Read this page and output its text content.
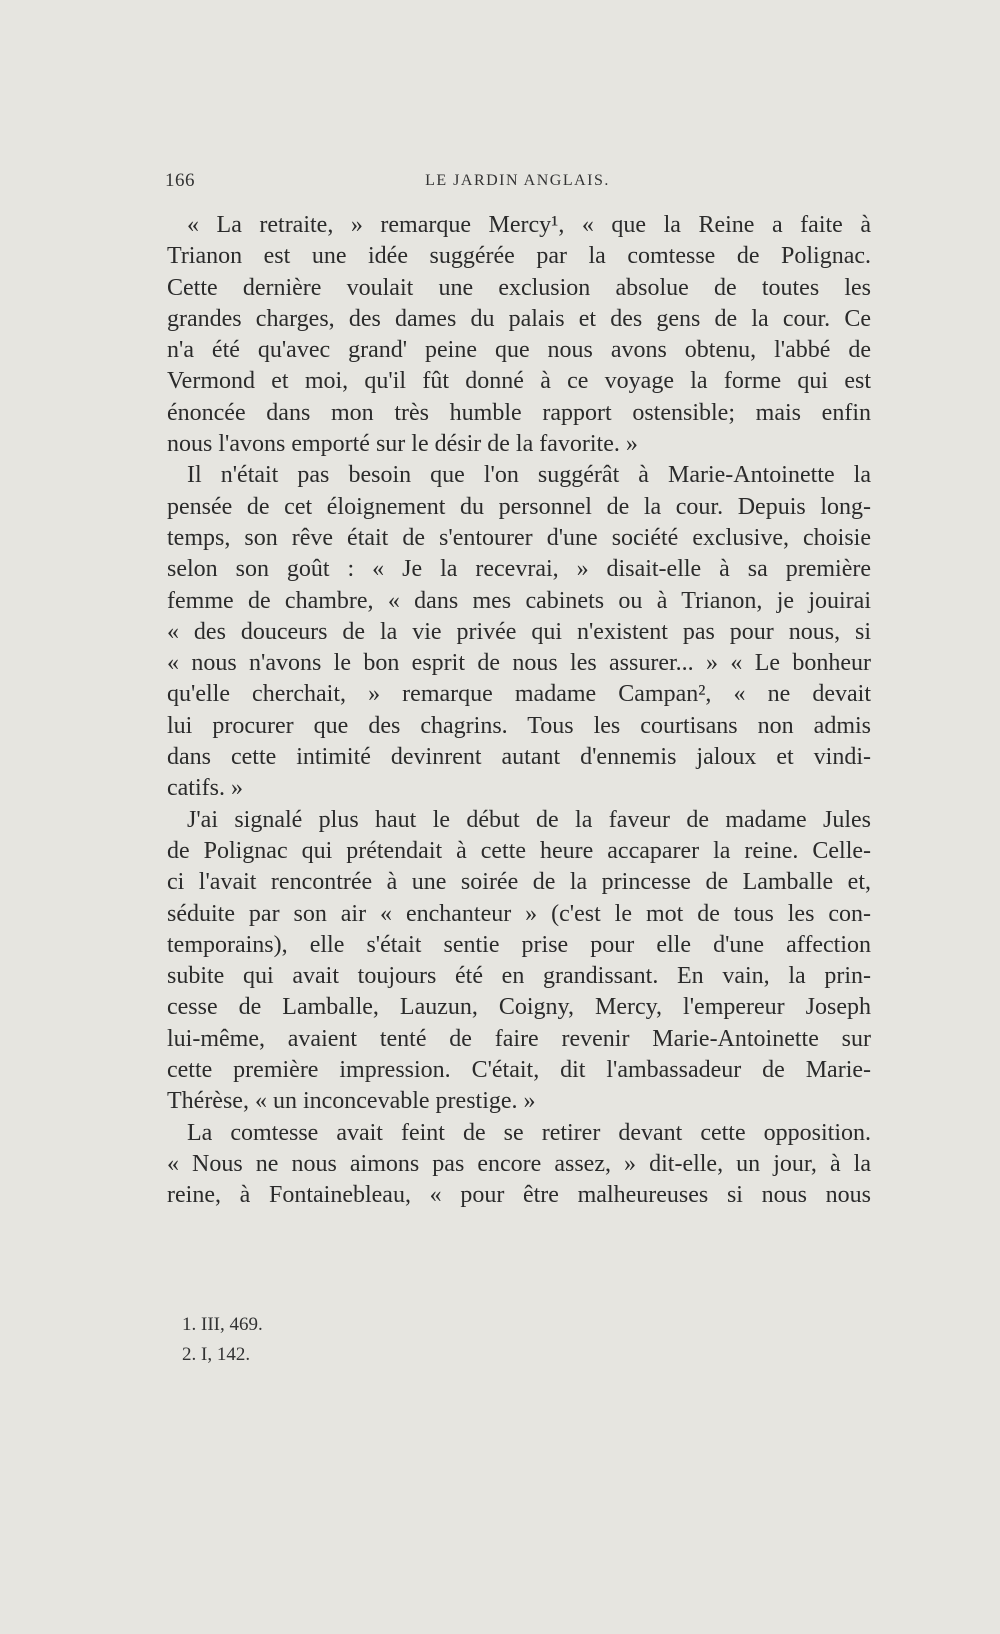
166	LE JARDIN ANGLAIS.
« La retraite, » remarque Mercy¹, « que la Reine a faite à
Trianon est une idée suggérée par la comtesse de Polignac.
Cette dernière voulait une exclusion absolue de toutes les
grandes charges, des dames du palais et des gens de la cour. Ce
n'a été qu'avec grand' peine que nous avons obtenu, l'abbé de
Vermond et moi, qu'il fût donné à ce voyage la forme qui est
énoncée dans mon très humble rapport ostensible; mais enfin
nous l'avons emporté sur le désir de la favorite. »
Il n'était pas besoin que l'on suggérât à Marie-Antoinette la
pensée de cet éloignement du personnel de la cour. Depuis long-
temps, son rêve était de s'entourer d'une société exclusive, choisie
selon son goût : « Je la recevrai, » disait-elle à sa première
femme de chambre, « dans mes cabinets ou à Trianon, je jouirai
« des douceurs de la vie privée qui n'existent pas pour nous, si
« nous n'avons le bon esprit de nous les assurer... » « Le bonheur
qu'elle cherchait, » remarque madame Campan², « ne devait
lui procurer que des chagrins. Tous les courtisans non admis
dans cette intimité devinrent autant d'ennemis jaloux et vindi-
catifs. »
J'ai signalé plus haut le début de la faveur de madame Jules
de Polignac qui prétendait à cette heure accaparer la reine. Celle-
ci l'avait rencontrée à une soirée de la princesse de Lamballe et,
séduite par son air « enchanteur » (c'est le mot de tous les con-
temporains), elle s'était sentie prise pour elle d'une affection
subite qui avait toujours été en grandissant. En vain, la prin-
cesse de Lamballe, Lauzun, Coigny, Mercy, l'empereur Joseph
lui-même, avaient tenté de faire revenir Marie-Antoinette sur
cette première impression. C'était, dit l'ambassadeur de Marie-
Thérèse, « un inconcevable prestige. »
La comtesse avait feint de se retirer devant cette opposition.
« Nous ne nous aimons pas encore assez, » dit-elle, un jour, à la
reine, à Fontainebleau, « pour être malheureuses si nous nous
1. III, 469.
2. I, 142.
